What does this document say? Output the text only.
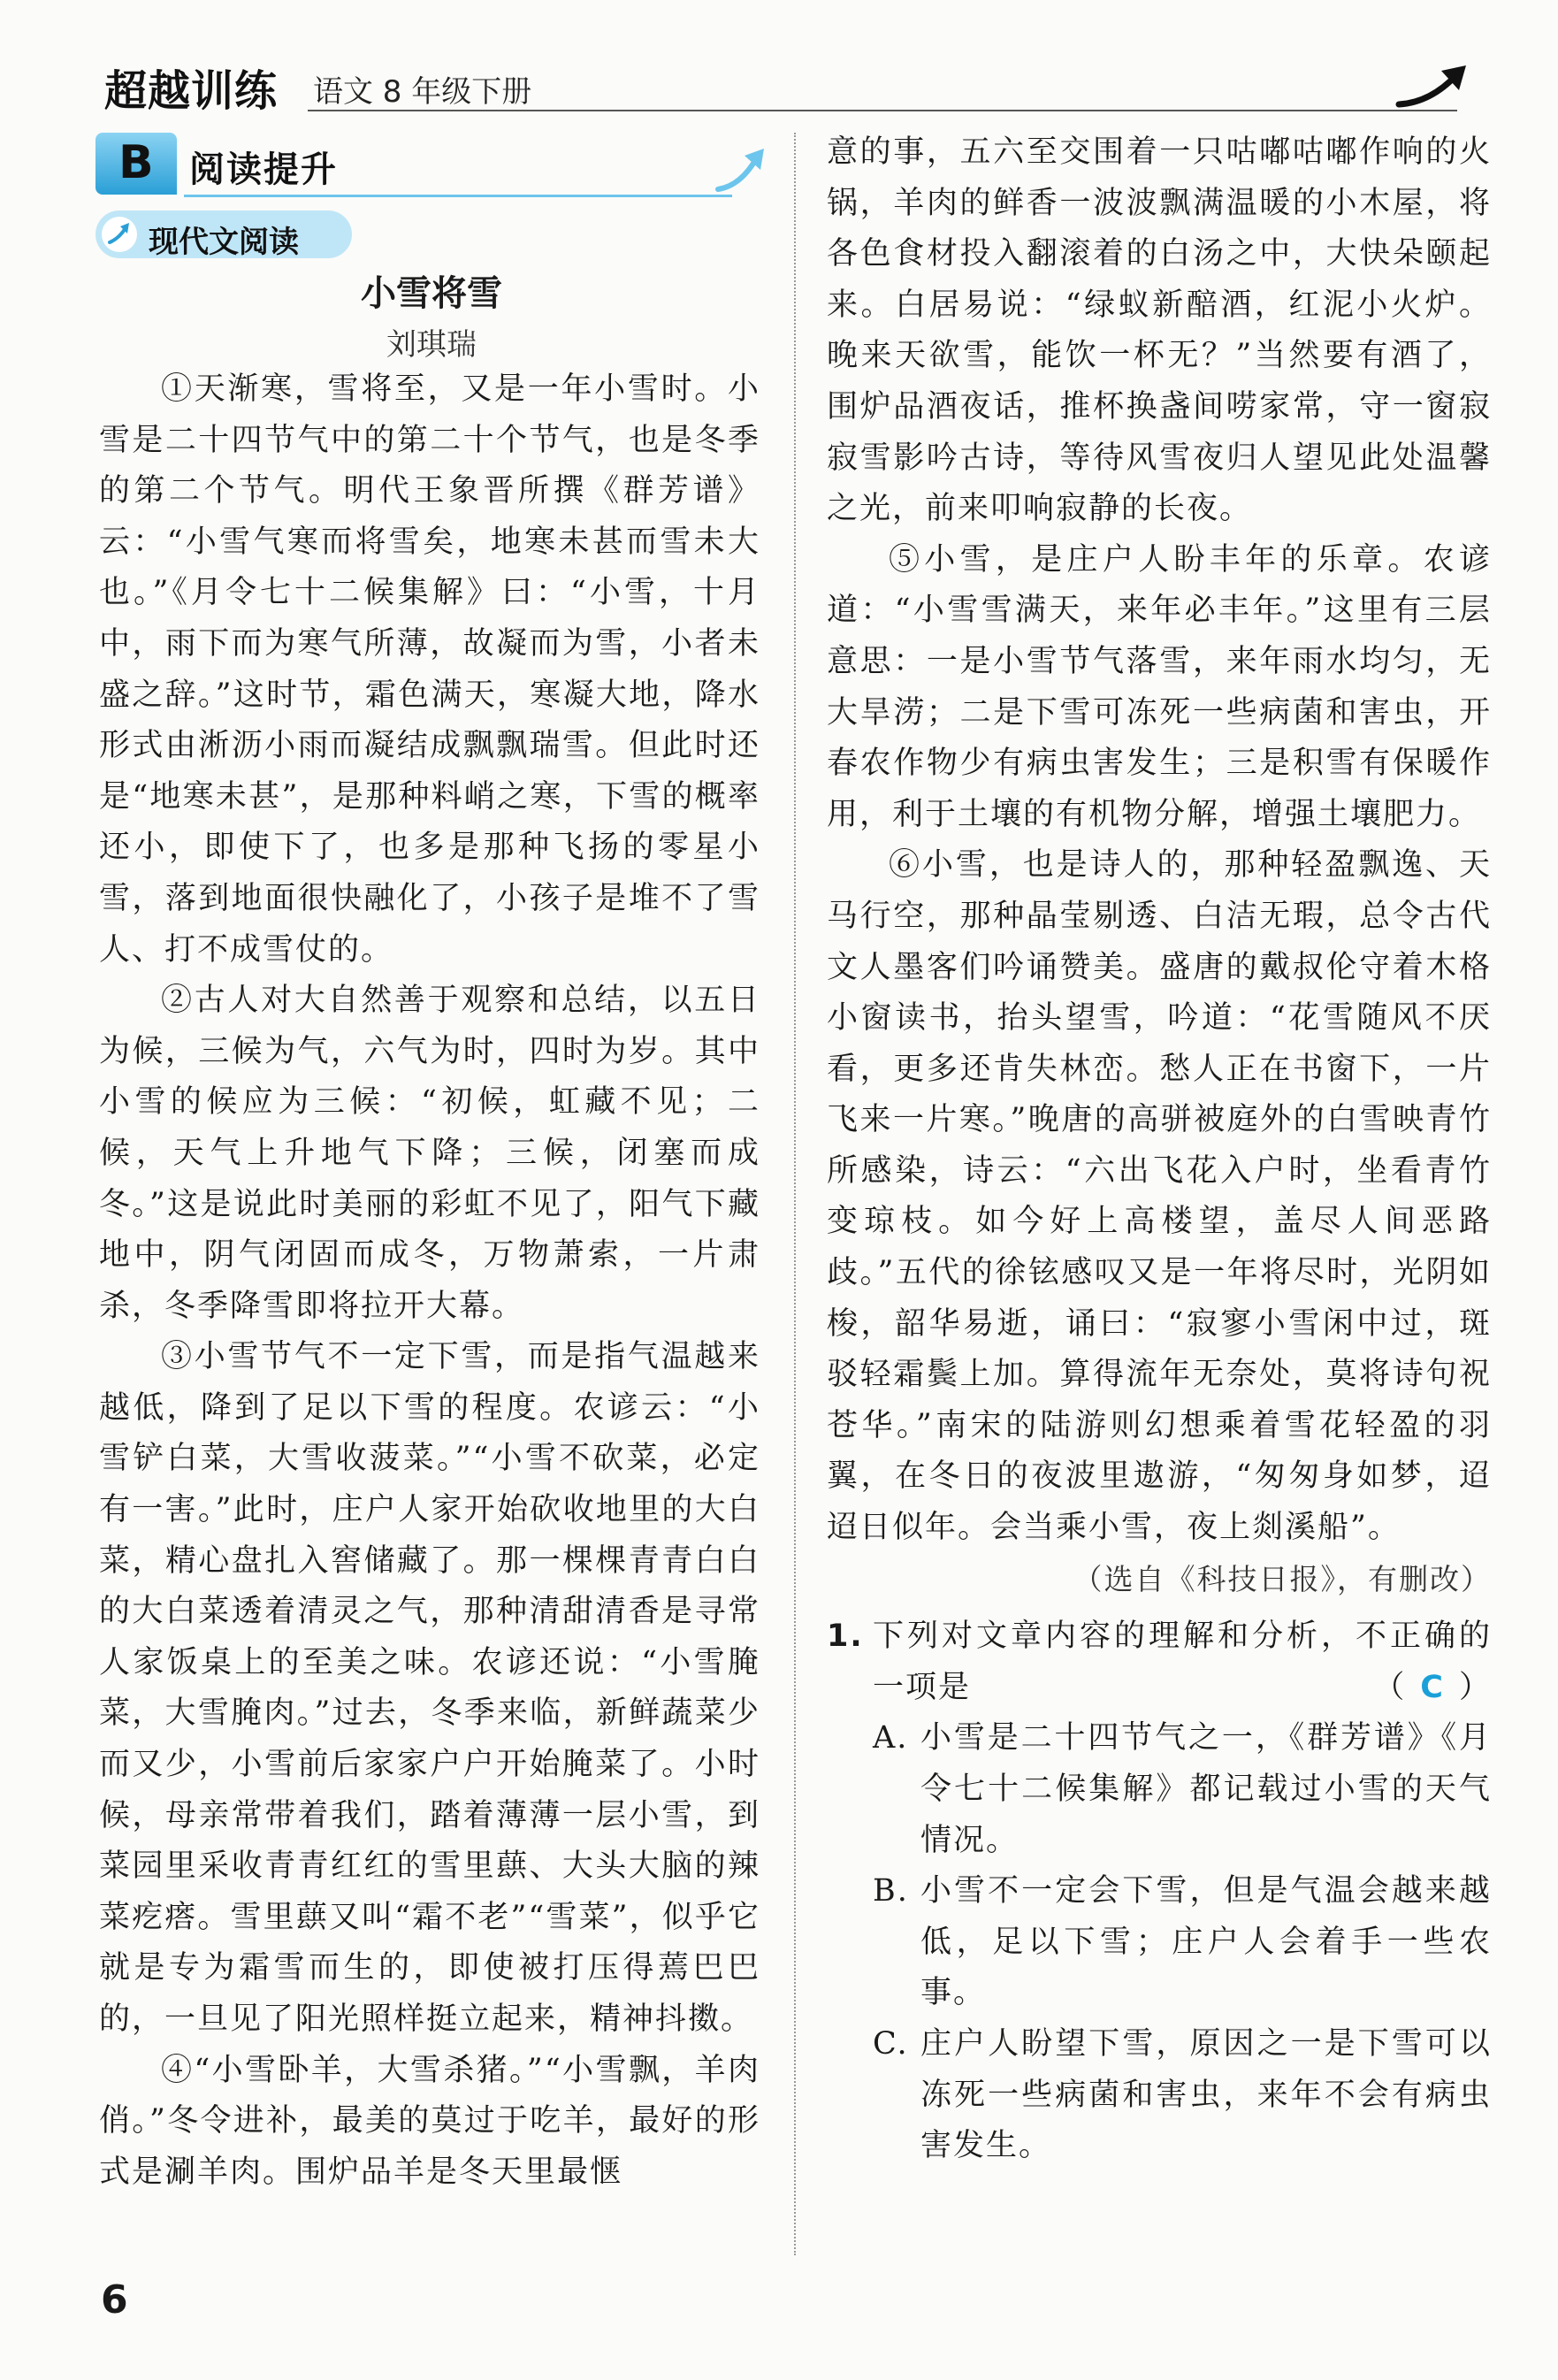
超越训练 语文 8 年级下册
B 阅读提升
现代文阅读
小雪将雪
刘琪瑞

①天渐寒，雪将至，又是一年小雪时。小雪是二十四节气中的第二十个节气，也是冬季的第二个节气。明代王象晋所撰《群芳谱》云：“小雪气寒而将雪矣，地寒未甚而雪未大也。”《月令七十二候集解》曰：“小雪，十月中，雨下而为寒气所薄，故凝而为雪，小者未盛之辞。”这时节，霜色满天，寒凝大地，降水形式由淅沥小雨而凝结成飘飘瑞雪。但此时还是“地寒未甚”，是那种料峭之寒，下雪的概率还小，即使下了，也多是那种飞扬的零星小雪，落到地面很快融化了，小孩子是堆不了雪人、打不成雪仗的。

②古人对大自然善于观察和总结，以五日为候，三候为气，六气为时，四时为岁。其中小雪的候应为三候：“初候，虹藏不见；二候，天气上升地气下降；三候，闭塞而成冬。”这是说此时美丽的彩虹不见了，阳气下藏地中，阴气闭固而成冬，万物萧索，一片肃杀，冬季降雪即将拉开大幕。

③小雪节气不一定下雪，而是指气温越来越低，降到了足以下雪的程度。农谚云：“小雪铲白菜，大雪收菠菜。”“小雪不砍菜，必定有一害。”此时，庄户人家开始砍收地里的大白菜，精心盘扎入窖储藏了。那一棵棵青青白白的大白菜透着清灵之气，那种清甜清香是寻常人家饭桌上的至美之味。农谚还说：“小雪腌菜，大雪腌肉。”过去，冬季来临，新鲜蔬菜少而又少，小雪前后家家户户开始腌菜了。小时候，母亲常带着我们，踏着薄薄一层小雪，到菜园里采收青青红红的雪里蕻、大头大脑的辣菜疙瘩。雪里蕻又叫“霜不老”“雪菜”，似乎它就是专为霜雪而生的，即使被打压得蔫巴巴的，一旦见了阳光照样挺立起来，精神抖擞。

④“小雪卧羊，大雪杀猪。”“小雪飘，羊肉俏。”冬令进补，最美的莫过于吃羊，最好的形式是涮羊肉。围炉品羊是冬天里最惬

意的事，五六至交围着一只咕嘟咕嘟作响的火锅，羊肉的鲜香一波波飘满温暖的小木屋，将各色食材投入翻滚着的白汤之中，大快朵颐起来。白居易说：“绿蚁新醅酒，红泥小火炉。晚来天欲雪，能饮一杯无？”当然要有酒了，围炉品酒夜话，推杯换盏间唠家常，守一窗寂寂雪影吟古诗，等待风雪夜归人望见此处温馨之光，前来叩响寂静的长夜。

⑤小雪，是庄户人盼丰年的乐章。农谚道：“小雪雪满天，来年必丰年。”这里有三层意思：一是小雪节气落雪，来年雨水均匀，无大旱涝；二是下雪可冻死一些病菌和害虫，开春农作物少有病虫害发生；三是积雪有保暖作用，利于土壤的有机物分解，增强土壤肥力。

⑥小雪，也是诗人的，那种轻盈飘逸、天马行空，那种晶莹剔透、白洁无瑕，总令古代文人墨客们吟诵赞美。盛唐的戴叔伦守着木格小窗读书，抬头望雪，吟道：“花雪随风不厌看，更多还肯失林峦。愁人正在书窗下，一片飞来一片寒。”晚唐的高骈被庭外的白雪映青竹所感染，诗云：“六出飞花入户时，坐看青竹变琼枝。如今好上高楼望，盖尽人间恶路歧。”五代的徐铉感叹又是一年将尽时，光阴如梭，韶华易逝，诵曰：“寂寥小雪闲中过，斑驳轻霜鬓上加。算得流年无奈处，莫将诗句祝苍华。”南宋的陆游则幻想乘着雪花轻盈的羽翼，在冬日的夜波里遨游，“匆匆身如梦，迢迢日似年。会当乘小雪，夜上剡溪船”。

（选自《科技日报》，有删改）

1. 下列对文章内容的理解和分析，不正确的一项是	（ C ）

A. 小雪是二十四节气之一，《群芳谱》《月令七十二候集解》都记载过小雪的天气情况。

B. 小雪不一定会下雪，但是气温会越来越低，足以下雪；庄户人会着手一些农事。

C. 庄户人盼望下雪，原因之一是下雪可以冻死一些病菌和害虫，来年不会有病虫害发生。

6
